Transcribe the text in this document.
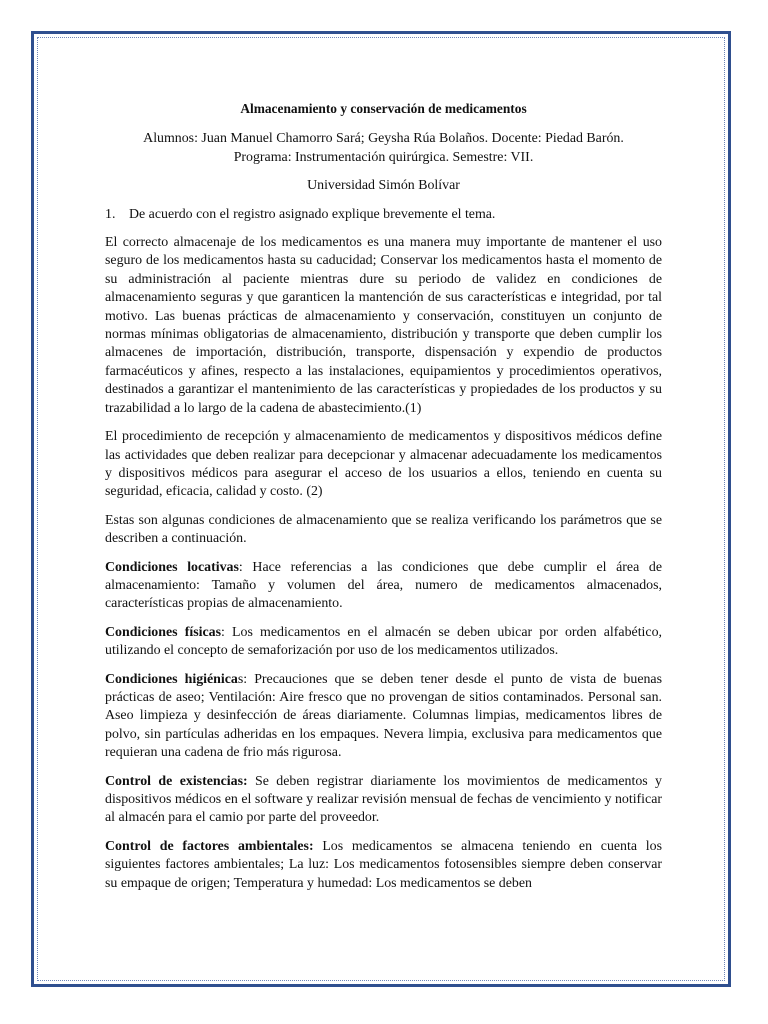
Almacenamiento y conservación de medicamentos
Alumnos: Juan Manuel Chamorro Sará; Geysha Rúa Bolaños. Docente: Piedad Barón.
Programa: Instrumentación quirúrgica. Semestre: VII.
Universidad Simón Bolívar
1. De acuerdo con el registro asignado explique brevemente el tema.

El correcto almacenaje de los medicamentos es una manera muy importante de mantener el uso seguro de los medicamentos hasta su caducidad; Conservar los medicamentos hasta el momento de su administración al paciente mientras dure su periodo de validez en condiciones de almacenamiento seguras y que garanticen la mantención de sus características e integridad, por tal motivo. Las buenas prácticas de almacenamiento y conservación, constituyen un conjunto de normas mínimas obligatorias de almacenamiento, distribución y transporte que deben cumplir los almacenes de importación, distribución, transporte, dispensación y expendio de productos farmacéuticos y afines, respecto a las instalaciones, equipamientos y procedimientos operativos, destinados a garantizar el mantenimiento de las características y propiedades de los productos y su trazabilidad a lo largo de la cadena de abastecimiento.(1)

El procedimiento de recepción y almacenamiento de medicamentos y dispositivos médicos define las actividades que deben realizar para decepcionar y almacenar adecuadamente los medicamentos y dispositivos médicos para asegurar el acceso de los usuarios a ellos, teniendo en cuenta su seguridad, eficacia, calidad y costo. (2)

Estas son algunas condiciones de almacenamiento que se realiza verificando los parámetros que se describen a continuación.

Condiciones locativas: Hace referencias a las condiciones que debe cumplir el área de almacenamiento: Tamaño y volumen del área, numero de medicamentos almacenados, características propias de almacenamiento.

Condiciones físicas: Los medicamentos en el almacén se deben ubicar por orden alfabético, utilizando el concepto de semaforización por uso de los medicamentos utilizados.

Condiciones higiénicas: Precauciones que se deben tener desde el punto de vista de buenas prácticas de aseo; Ventilación: Aire fresco que no provengan de sitios contaminados. Personal san. Aseo limpieza y desinfección de áreas diariamente. Columnas limpias, medicamentos libres de polvo, sin partículas adheridas en los empaques. Nevera limpia, exclusiva para medicamentos que requieran una cadena de frio más rigurosa.

Control de existencias: Se deben registrar diariamente los movimientos de medicamentos y dispositivos médicos en el software y realizar revisión mensual de fechas de vencimiento y notificar al almacén para el camio por parte del proveedor.

Control de factores ambientales: Los medicamentos se almacena teniendo en cuenta los siguientes factores ambientales; La luz: Los medicamentos fotosensibles siempre deben conservar su empaque de origen; Temperatura y humedad: Los medicamentos se deben
